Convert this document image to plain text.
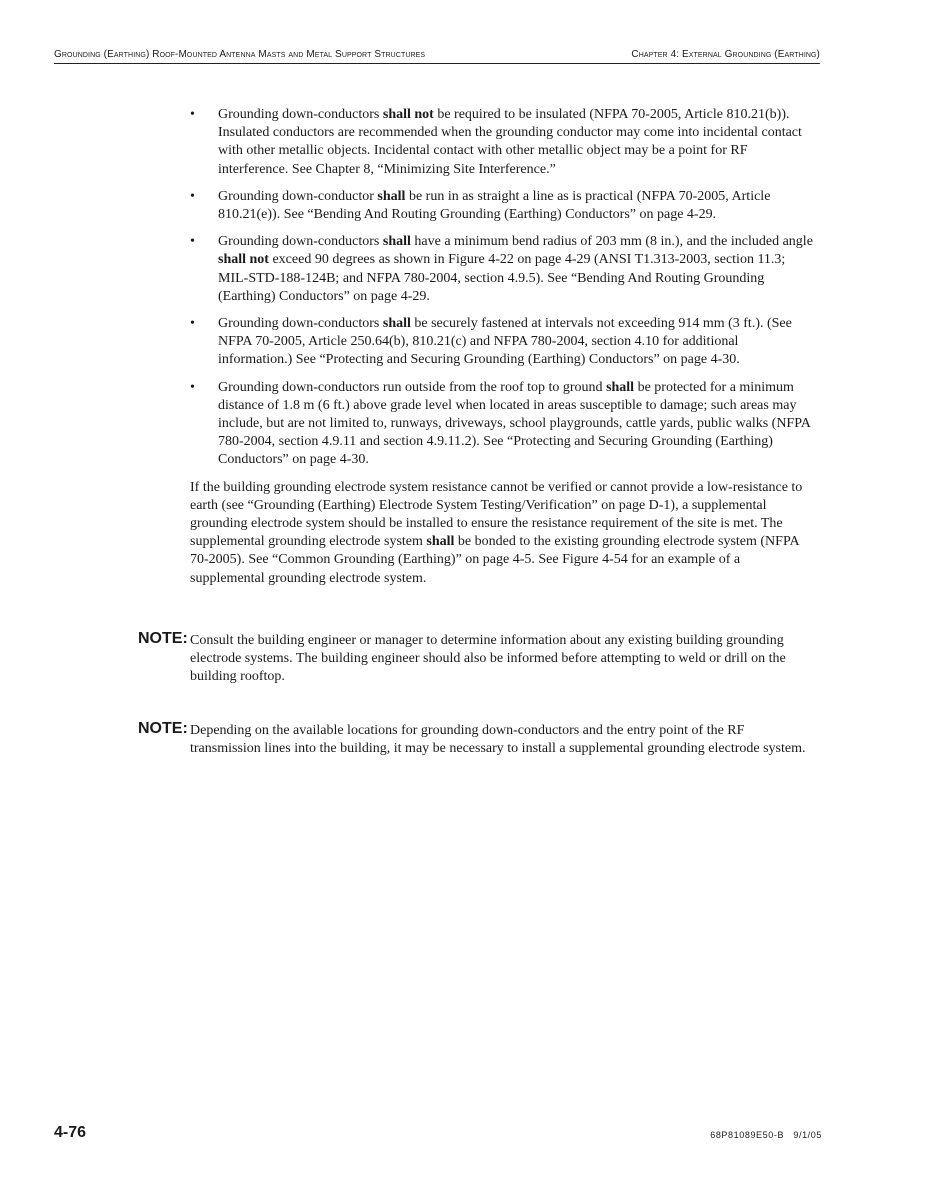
Grounding (Earthing) Roof-Mounted Antenna Masts and Metal Support Structures	Chapter 4: External Grounding (Earthing)
• Grounding down-conductors shall not be required to be insulated (NFPA 70-2005, Article 810.21(b)). Insulated conductors are recommended when the grounding conductor may come into incidental contact with other metallic objects. Incidental contact with other metallic object may be a point for RF interference. See Chapter 8, “Minimizing Site Interference.”
• Grounding down-conductor shall be run in as straight a line as is practical (NFPA 70-2005, Article 810.21(e)). See “Bending And Routing Grounding (Earthing) Conductors” on page 4-29.
• Grounding down-conductors shall have a minimum bend radius of 203 mm (8 in.), and the included angle shall not exceed 90 degrees as shown in Figure 4-22 on page 4-29 (ANSI T1.313-2003, section 11.3; MIL-STD-188-124B; and NFPA 780-2004, section 4.9.5). See “Bending And Routing Grounding (Earthing) Conductors” on page 4-29.
• Grounding down-conductors shall be securely fastened at intervals not exceeding 914 mm (3 ft.). (See NFPA 70-2005, Article 250.64(b), 810.21(c) and NFPA 780-2004, section 4.10 for additional information.) See “Protecting and Securing Grounding (Earthing) Conductors” on page 4-30.
• Grounding down-conductors run outside from the roof top to ground shall be protected for a minimum distance of 1.8 m (6 ft.) above grade level when located in areas susceptible to damage; such areas may include, but are not limited to, runways, driveways, school playgrounds, cattle yards, public walks (NFPA 780-2004, section 4.9.11 and section 4.9.11.2). See “Protecting and Securing Grounding (Earthing) Conductors” on page 4-30.

If the building grounding electrode system resistance cannot be verified or cannot provide a low-resistance to earth (see “Grounding (Earthing) Electrode System Testing/Verification” on page D-1), a supplemental grounding electrode system should be installed to ensure the resistance requirement of the site is met. The supplemental grounding electrode system shall be bonded to the existing grounding electrode system (NFPA 70-2005). See “Common Grounding (Earthing)” on page 4-5. See Figure 4-54 for an example of a supplemental grounding electrode system.

NOTE: Consult the building engineer or manager to determine information about any existing building grounding electrode systems. The building engineer should also be informed before attempting to weld or drill on the building rooftop.
NOTE: Depending on the available locations for grounding down-conductors and the entry point of the RF transmission lines into the building, it may be necessary to install a supplemental grounding electrode system.
4-76	68P81089E50-B   9/1/05
